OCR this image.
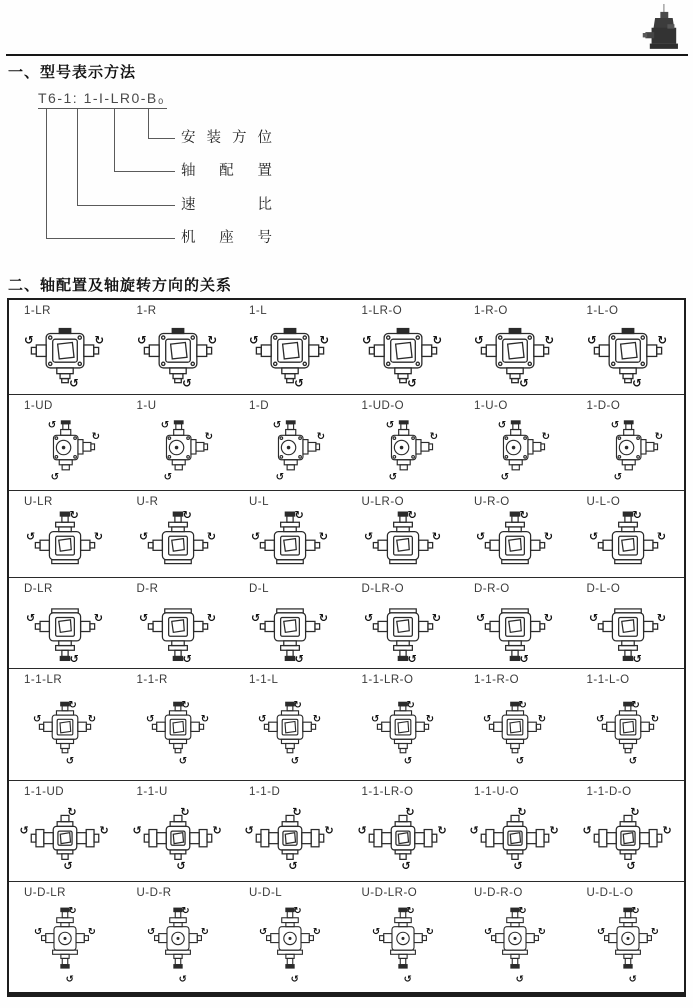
一、型号表示方法
T6-1: 1-I-LR0-B₀
安装方位
轴配置
速比
机座号
二、轴配置及轴旋转方向的关系
1-LR
↺	↻
↺
1-R
↺	↻
↺
1-L
↺	↻
↺
1-LR-O
↺	↻
↺
1-R-O
↺	↻
↺
1-L-O
↺	↻
↺
1-UD
↺
↻
↺
1-U
↺
↻
↺
1-D
↺
↻
↺
1-UD-O
↺
↻
↺
1-U-O
↺
↻
↺
1-D-O
↺
↻
↺
U-LR
↻
↺	↻
U-R
↻
↺	↻
U-L
↻
↺	↻
U-LR-O
↻
↺	↻
U-R-O
↻
↺	↻
U-L-O
↻
↺	↻
D-LR
↺	↻
↺
D-R
↺	↻
↺
D-L
↺	↻
↺
D-LR-O
↺	↻
↺
D-R-O
↺	↻
↺
D-L-O
↺	↻
↺
1-1-LR
↻
↺	↻
↺
1-1-R
↻
↺	↻
↺
1-1-L
↻
↺	↻
↺
1-1-LR-O
↻
↺	↻
↺
1-1-R-O
↻
↺	↻
↺
1-1-L-O
↻
↺	↻
↺
1-1-UD
↻
↺	↻
↺
1-1-U
↻
↺	↻
↺
1-1-D
↻
↺	↻
↺
1-1-LR-O
↻
↺	↻
↺
1-1-U-O
↻
↺	↻
↺
1-1-D-O
↻
↺	↻
↺
U-D-LR
↻
↺	↻
↺
U-D-R
↻
↺	↻
↺
U-D-L
↻
↺	↻
↺
U-D-LR-O
↻
↺	↻
↺
U-D-R-O
↻
↺	↻
↺
U-D-L-O
↻
↺	↻
↺
